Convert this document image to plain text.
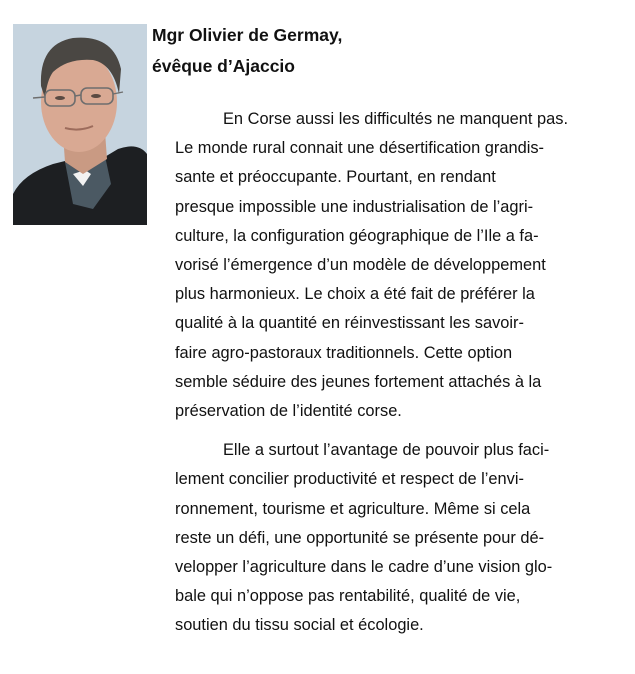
Mgr Olivier de Germay,
évêque d’Ajaccio

En Corse aussi les difficultés ne manquent pas.
Le monde rural connait une désertification grandis-
sante et préoccupante. Pourtant, en rendant
presque impossible une industrialisation de l’agri-
culture, la configuration géographique de l’Ile a fa-
vorisé l’émergence d’un modèle de développement
plus harmonieux. Le choix a été fait de préférer la
qualité à la quantité en réinvestissant les savoir-
faire agro-pastoraux traditionnels. Cette option
semble séduire des jeunes fortement attachés à la
préservation de l’identité corse.

Elle a surtout l’avantage de pouvoir plus faci-
lement concilier productivité et respect de l’envi-
ronnement, tourisme et agriculture. Même si cela
reste un défi, une opportunité se présente pour dé-
velopper l’agriculture dans le cadre d’une vision glo-
bale qui n’oppose pas rentabilité, qualité de vie,
soutien du tissu social et écologie.
